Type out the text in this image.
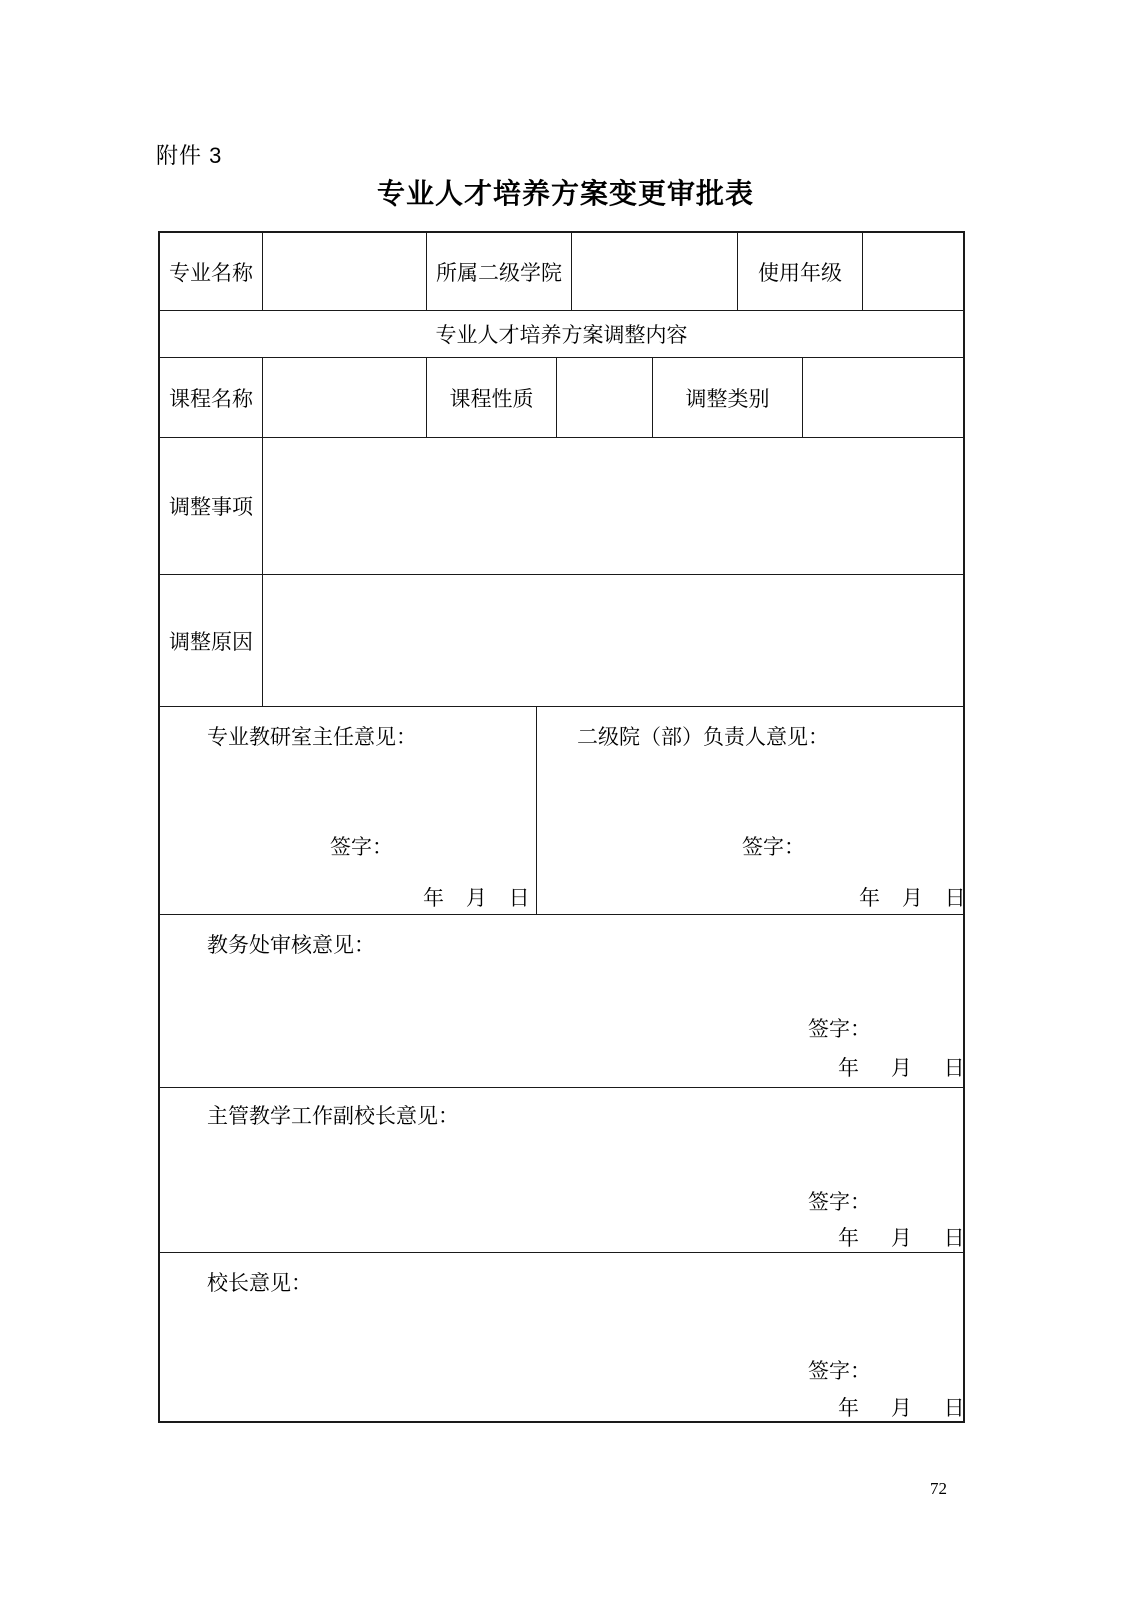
附件 3
专业人才培养方案变更审批表
专业名称	所属二级学院	使用年级
专业人才培养方案调整内容
课程名称	课程性质	调整类别
调整事项
调整原因
专业教研室主任意见：
签字：
年 月 日
二级院（部）负责人意见：
签字：
年 月 日
教务处审核意见：
签字：
年 月 日
主管教学工作副校长意见：
签字：
年 月 日
校长意见：
签字：
年 月 日
72
